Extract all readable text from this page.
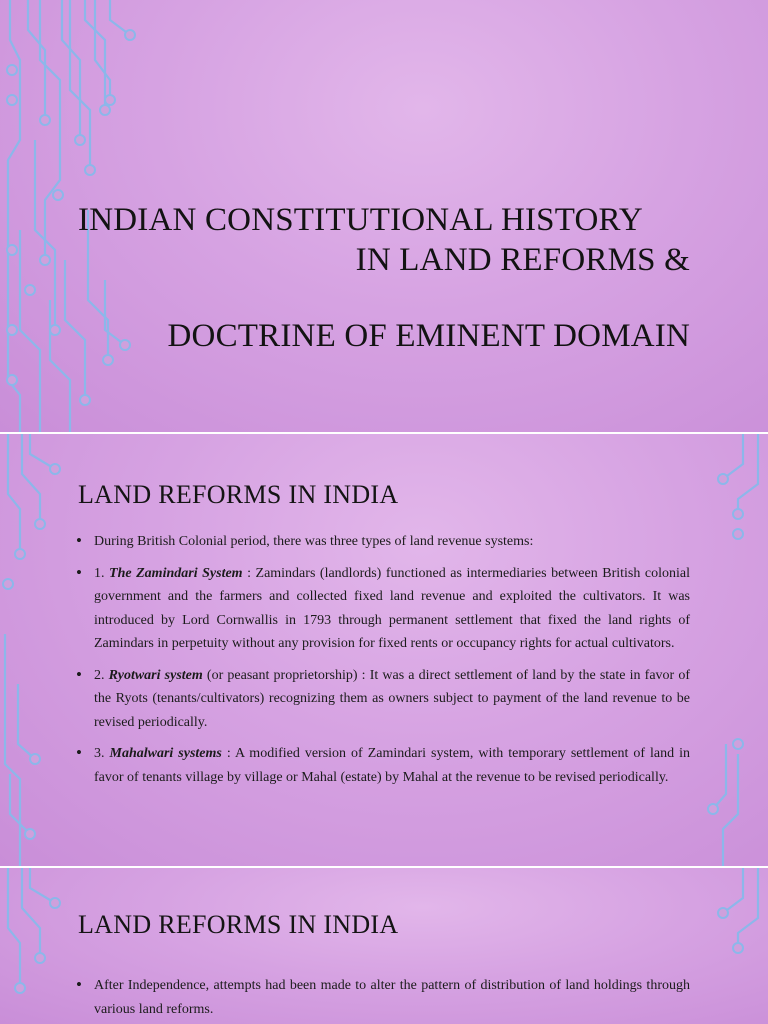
INDIAN CONSTITUTIONAL HISTORY
IN LAND REFORMS &
DOCTRINE OF EMINENT DOMAIN
LAND REFORMS IN INDIA
• During British Colonial period, there was three types of land revenue systems:
• 1. The Zamindari System : Zamindars (landlords) functioned as intermediaries between British colonial government and the farmers and collected fixed land revenue and exploited the cultivators. It was introduced by Lord Cornwallis in 1793 through permanent settlement that fixed the land rights of Zamindars in perpetuity without any provision for fixed rents or occupancy rights for actual cultivators.
• 2. Ryotwari system (or peasant proprietorship) : It was a direct settlement of land by the state in favor of the Ryots (tenants/cultivators) recognizing them as owners subject to payment of the land revenue to be revised periodically.
• 3. Mahalwari systems : A modified version of Zamindari system, with temporary settlement of land in favor of tenants village by village or Mahal (estate) by Mahal at the revenue to be revised periodically.
LAND REFORMS IN INDIA
• After Independence, attempts had been made to alter the pattern of distribution of land holdings through various land reforms.
